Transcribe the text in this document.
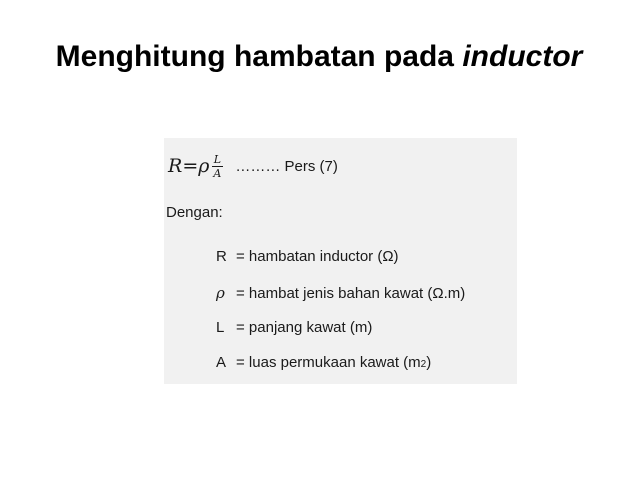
Menghitung hambatan pada inductor
R = ρ $\frac{L}{A}$ ……… Pers (7)
Dengan:
R = hambatan inductor (Ω)
ρ = hambat jenis bahan kawat (Ω.m)
L = panjang kawat (m)
A = luas permukaan kawat (m 2 )
